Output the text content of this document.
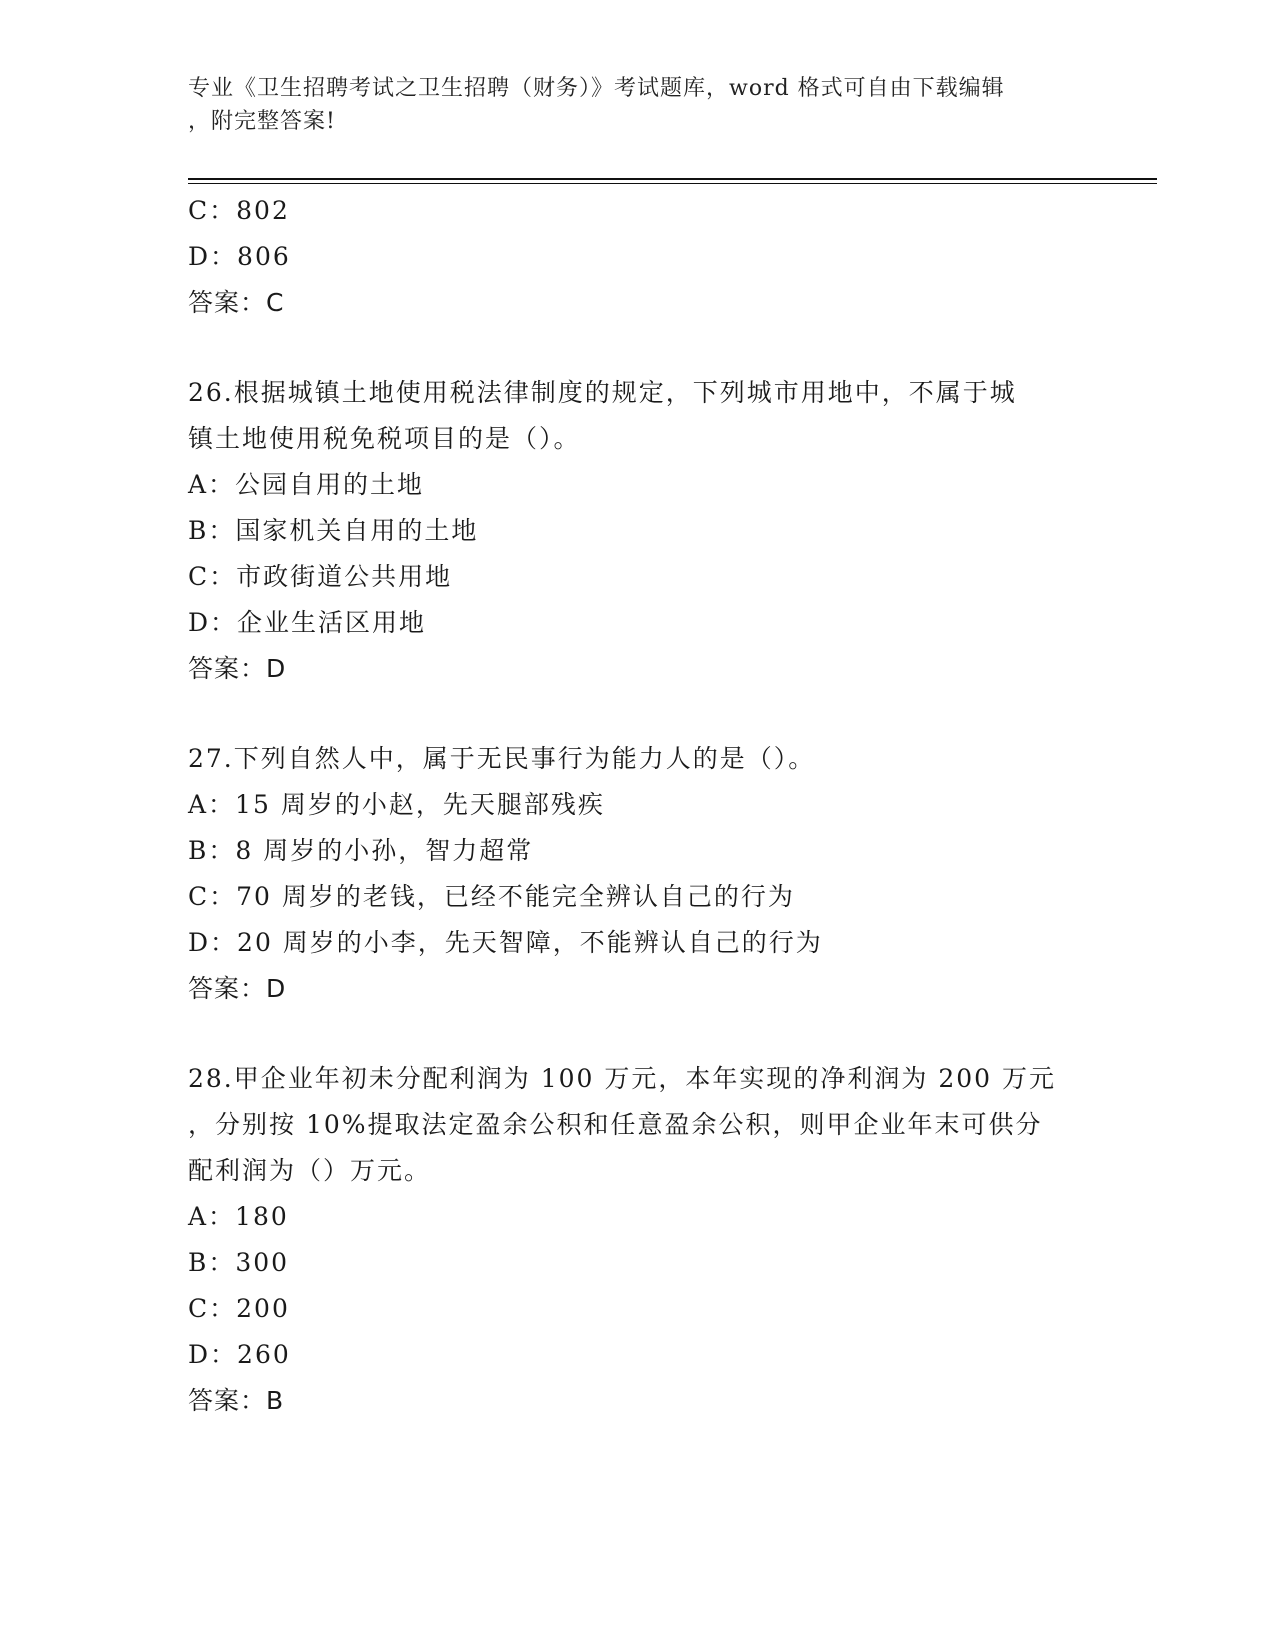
专业《卫生招聘考试之卫生招聘（财务）》考试题库，word 格式可自由下载编辑
，附完整答案!
C：802
D：806
答案：C
26.根据城镇土地使用税法律制度的规定，下列城市用地中，不属于城
镇土地使用税免税项目的是（）。
A：公园自用的土地
B：国家机关自用的土地
C：市政街道公共用地
D：企业生活区用地
答案：D
27.下列自然人中，属于无民事行为能力人的是（）。
A：15 周岁的小赵，先天腿部残疾
B：8 周岁的小孙，智力超常
C：70 周岁的老钱，已经不能完全辨认自己的行为
D：20 周岁的小李，先天智障，不能辨认自己的行为
答案：D
28.甲企业年初未分配利润为 100 万元，本年实现的净利润为 200 万元
，分别按 10%提取法定盈余公积和任意盈余公积，则甲企业年末可供分
配利润为（）万元。
A：180
B：300
C：200
D：260
答案：B
